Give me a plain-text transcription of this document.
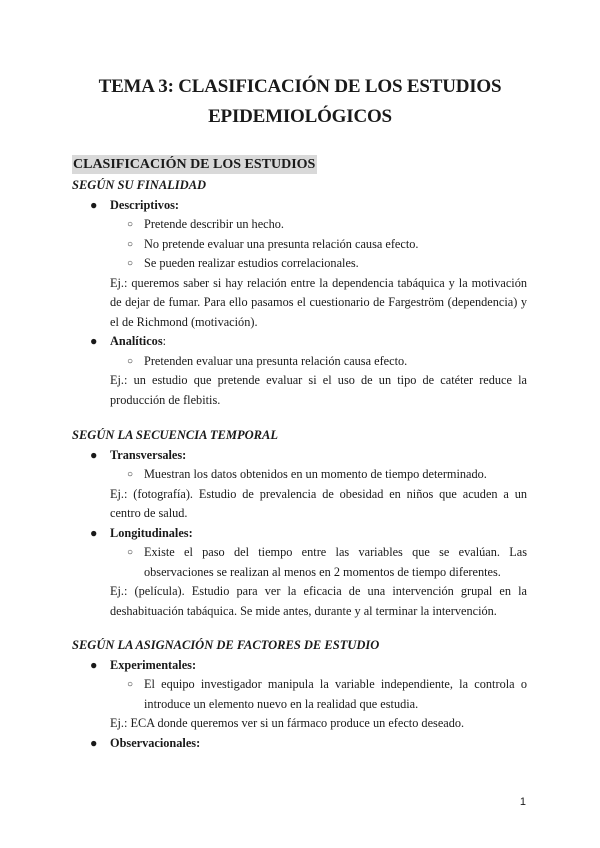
TEMA 3: CLASIFICACIÓN DE LOS ESTUDIOS
EPIDEMIOLÓGICOS
CLASIFICACIÓN DE LOS ESTUDIOS
SEGÚN SU FINALIDAD
● Descriptivos:
○ Pretende describir un hecho.
○ No pretende evaluar una presunta relación causa efecto.
○ Se pueden realizar estudios correlacionales.
Ej.: queremos saber si hay relación entre la dependencia tabáquica y la motivación de dejar de fumar. Para ello pasamos el cuestionario de Fargeström (dependencia) y el de Richmond (motivación).
● Analíticos:
○ Pretenden evaluar una presunta relación causa efecto.
Ej.: un estudio que pretende evaluar si el uso de un tipo de catéter reduce la producción de flebitis.
SEGÚN LA SECUENCIA TEMPORAL
● Transversales:
○ Muestran los datos obtenidos en un momento de tiempo determinado.
Ej.: (fotografía). Estudio de prevalencia de obesidad en niños que acuden a un centro de salud.
● Longitudinales:
○ Existe el paso del tiempo entre las variables que se evalúan. Las observaciones se realizan al menos en 2 momentos de tiempo diferentes.
Ej.: (película). Estudio para ver la eficacia de una intervención grupal en la deshabituación tabáquica. Se mide antes, durante y al terminar la intervención.
SEGÚN LA ASIGNACIÓN DE FACTORES DE ESTUDIO
● Experimentales:
○ El equipo investigador manipula la variable independiente, la controla o introduce un elemento nuevo en la realidad que estudia.
Ej.: ECA donde queremos ver si un fármaco produce un efecto deseado.
● Observacionales:
1
